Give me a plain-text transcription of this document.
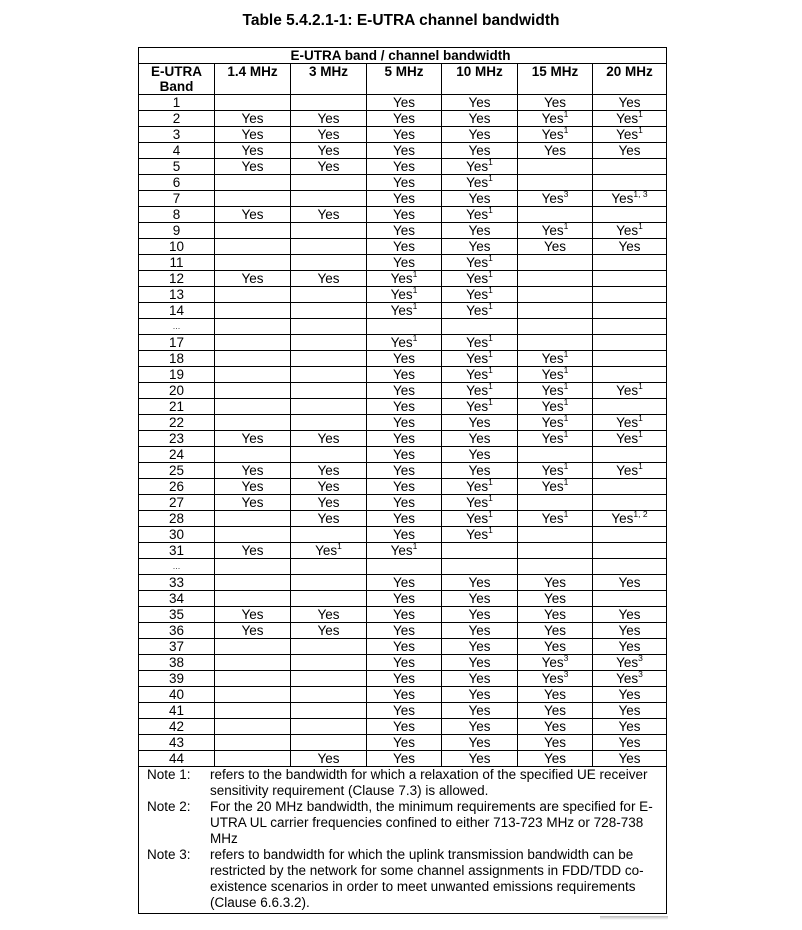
Table 5.4.2.1-1: E-UTRA channel bandwidth
	E-UTRA band / channel bandwidth					
E-UTRA Band	1.4 MHz	3 MHz	5 MHz	10 MHz	15 MHz	20 MHz
1			Yes	Yes	Yes	Yes
2	Yes	Yes	Yes	Yes	Yes$^1$	Yes$^1$
3	Yes	Yes	Yes	Yes	Yes$^1$	Yes$^1$
4	Yes	Yes	Yes	Yes	Yes	Yes
5	Yes	Yes	Yes	Yes$^1$		
6			Yes	Yes$^1$		
7			Yes	Yes	Yes$^3$	Yes$^{1, 3}$
8	Yes	Yes	Yes	Yes$^1$		
9			Yes	Yes	Yes$^1$	Yes$^1$
10			Yes	Yes	Yes	Yes
11			Yes	Yes$^1$		
12	Yes	Yes	Yes$^1$	Yes$^1$		
13			Yes$^1$	Yes$^1$		
14			Yes$^1$	Yes$^1$		
...						
17			Yes$^1$	Yes$^1$		
18			Yes	Yes$^1$	Yes$^1$	
19			Yes	Yes$^1$	Yes$^1$	
20			Yes	Yes$^1$	Yes$^1$	Yes$^1$
21			Yes	Yes$^1$	Yes$^1$	
22			Yes	Yes	Yes$^1$	Yes$^1$
23	Yes	Yes	Yes	Yes	Yes$^1$	Yes$^1$
24			Yes	Yes		
25	Yes	Yes	Yes	Yes	Yes$^1$	Yes$^1$
26	Yes	Yes	Yes	Yes$^1$	Yes$^1$	
27	Yes	Yes	Yes	Yes$^1$		
28		Yes	Yes	Yes$^1$	Yes$^1$	Yes$^{1, 2}$
30			Yes	Yes$^1$		
31	Yes	Yes$^1$	Yes$^1$			
...						
33			Yes	Yes	Yes	Yes
34			Yes	Yes	Yes	
35	Yes	Yes	Yes	Yes	Yes	Yes
36	Yes	Yes	Yes	Yes	Yes	Yes
37			Yes	Yes	Yes	Yes
38			Yes	Yes	Yes$^3$	Yes$^3$
39			Yes	Yes	Yes$^3$	Yes$^3$
40			Yes	Yes	Yes	Yes
41			Yes	Yes	Yes	Yes
42			Yes	Yes	Yes	Yes
43			Yes	Yes	Yes	Yes
44		Yes	Yes	Yes	Yes	Yes

Note 1:	refers to the bandwidth for which a relaxation of the specified UE receiver sensitivity requirement (Clause 7.3) is allowed.
Note 2:	For the 20 MHz bandwidth, the minimum requirements are specified for E-UTRA UL carrier frequencies confined to either 713-723 MHz or 728-738 MHz
Note 3:	refers to bandwidth for which the uplink transmission bandwidth can be restricted by the network for some channel assignments in FDD/TDD co-existence scenarios in order to meet unwanted emissions requirements (Clause 6.6.3.2).
